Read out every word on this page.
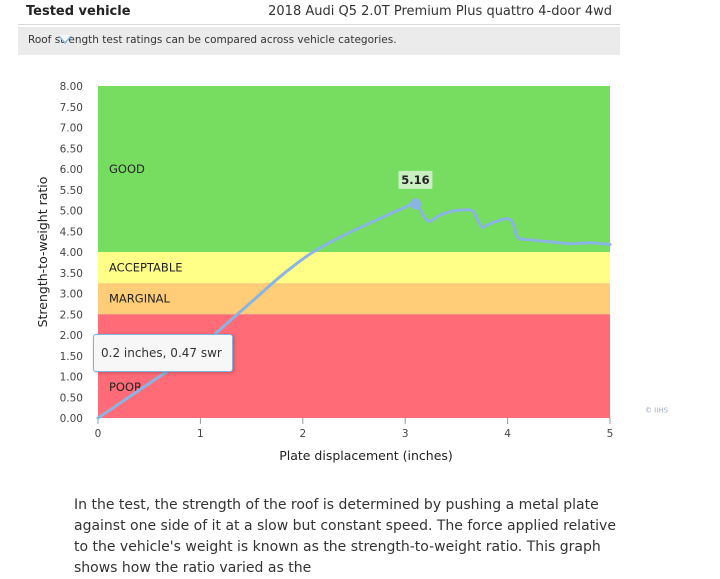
Tested vehicle	2018 Audi Q5 2.0T Premium Plus quattro 4-door 4wd
Roof strength test ratings can be compared across vehicle categories.
0.00
0.50
1.00
1.50
2.00
2.50
3.00
3.50
4.00
4.50
5.00
5.50
6.00
6.50
7.00
7.50
8.00
0	1	2	3	4	5
GOOD
ACCEPTABLE
MARGINAL
POOR
5.16
© IIHS
Plate displacement (inches)
Strength-to-weight ratio
0.2 inches, 0.47 swr
In the test, the strength of the roof is determined by pushing a metal plate against one side of it at a slow but constant speed. The force applied relative to the vehicle's weight is known as the strength-to-weight ratio. This graph shows how the ratio varied as the
